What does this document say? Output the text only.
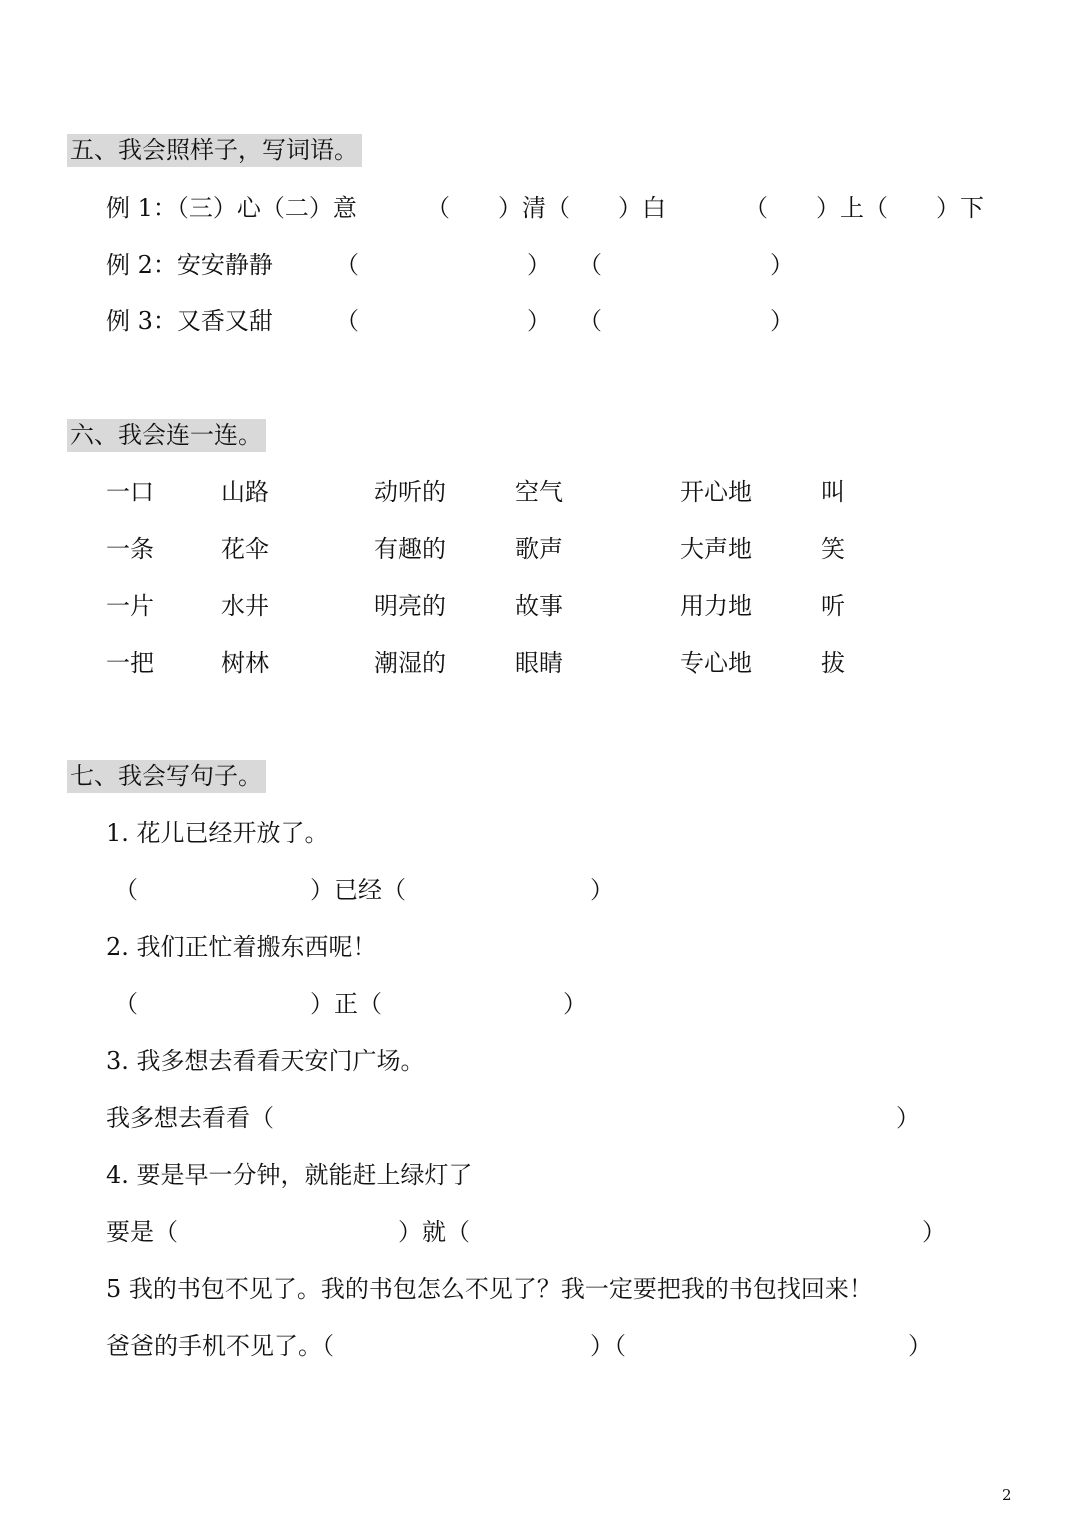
五、我会照样子，写词语。
例 1：（三）心（二）意	（　　）清（　　）白	（　　）上（　　）下
例 2：安安静静	（　　　　　　　） （　　　　　　　）
例 3：又香又甜	（　　　　　　　） （　　　　　　　）
六、我会连一连。
一口	山路	动听的	空气	开心地	叫
一条	花伞	有趣的	歌声	大声地	笑
一片	水井	明亮的	故事	用力地	听
一把	树林	潮湿的	眼睛	专心地	拔
七、我会写句子。
1. 花儿已经开放了。
（	）已经（	）
2. 我们正忙着搬东西呢！
（	）正（	）
3. 我多想去看看天安门广场。
我多想去看看（	）
4. 要是早一分钟，就能赶上绿灯了
要是（	）就（	）
5 我的书包不见了。我的书包怎么不见了？我一定要把我的书包找回来！
爸爸的手机不见了。（	）（	）
2
